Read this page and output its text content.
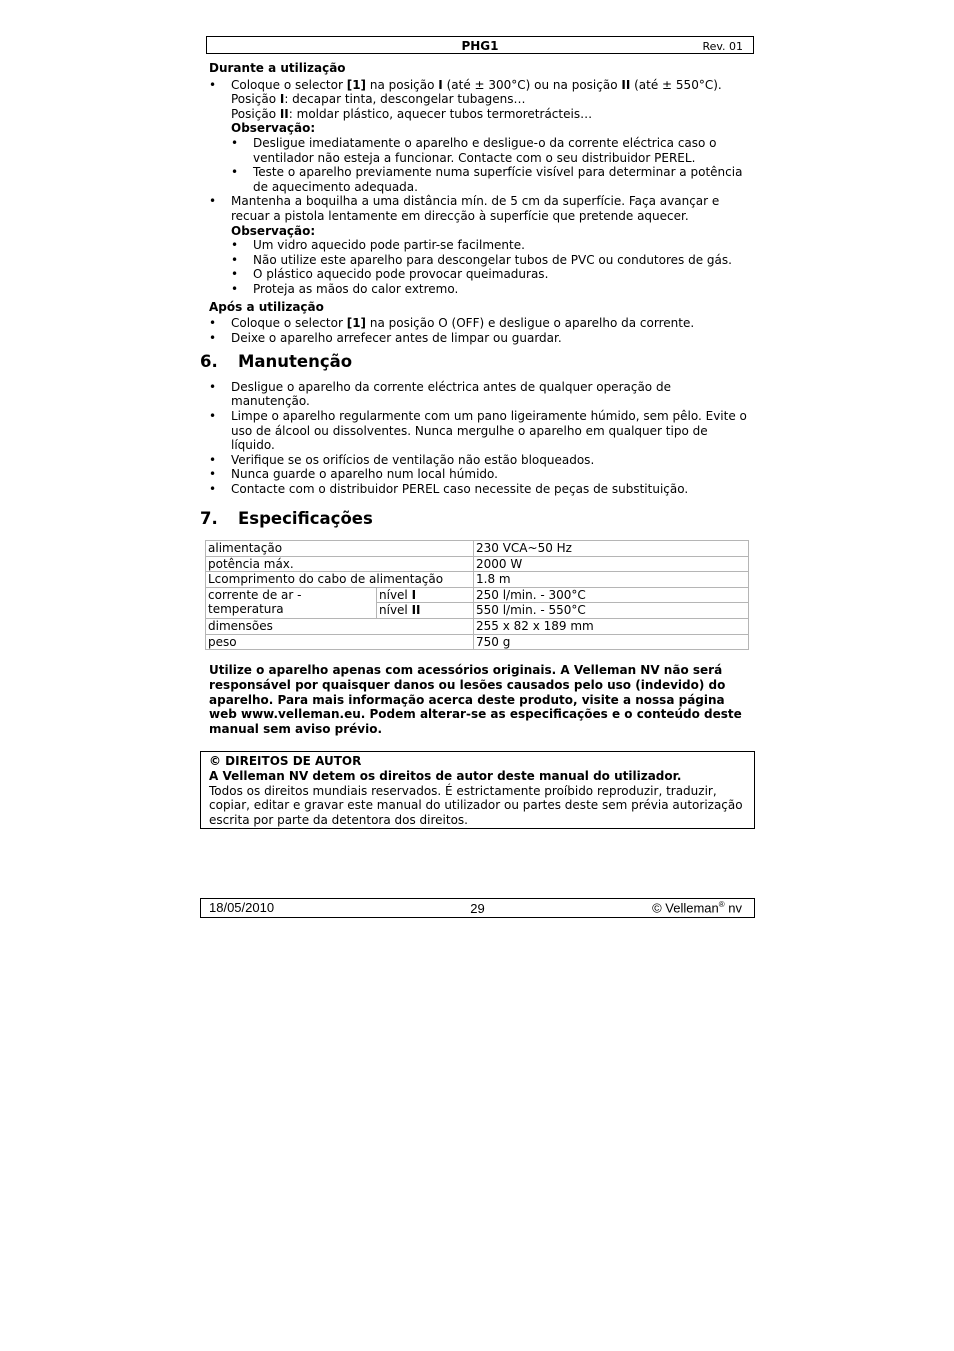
PHG1	Rev. 01

Durante a utilização

• Coloque o selector [1] na posição I (até ± 300°C) ou na posição II (até ± 550°C).
Posição I: decapar tinta, descongelar tubagens…
Posição II: moldar plástico, aquecer tubos termoretrácteis…
Observação:
• Desligue imediatamente o aparelho e desligue-o da corrente eléctrica caso o ventilador não esteja a funcionar. Contacte com o seu distribuidor PEREL.
• Teste o aparelho previamente numa superfície visível para determinar a potência de aquecimento adequada.
• Mantenha a boquilha a uma distância mín. de 5 cm da superfície. Faça avançar e recuar a pistola lentamente em direcção à superfície que pretende aquecer.
Observação:
• Um vidro aquecido pode partir-se facilmente.
• Não utilize este aparelho para descongelar tubos de PVC ou condutores de gás.
• O plástico aquecido pode provocar queimaduras.
• Proteja as mãos do calor extremo.

Após a utilização

• Coloque o selector [1] na posição O (OFF) e desligue o aparelho da corrente.
• Deixe o aparelho arrefecer antes de limpar ou guardar.
6. Manutenção
• Desligue o aparelho da corrente eléctrica antes de qualquer operação de manutenção.
• Limpe o aparelho regularmente com um pano ligeiramente húmido, sem pêlo. Evite o uso de álcool ou dissolventes. Nunca mergulhe o aparelho em qualquer tipo de líquido.
• Verifique se os orifícios de ventilação não estão bloqueados.
• Nunca guarde o aparelho num local húmido.
• Contacte com o distribuidor PEREL caso necessite de peças de substituição.
7. Especificações
alimentação		230 VCA~50 Hz
potência máx.		2000 W
Lcomprimento do cabo de alimentação		1.8 m
corrente de ar - temperatura	nível I	250 l/min. - 300°C
	nível II	550 l/min. - 550°C
dimensões		255 x 82 x 189 mm
peso		750 g
Utilize o aparelho apenas com acessórios originais. A Velleman NV não será responsável por quaisquer danos ou lesões causados pelo uso (indevido) do aparelho. Para mais informação acerca deste produto, visite a nossa página web www.velleman.eu. Podem alterar-se as especificações e o conteúdo deste manual sem aviso prévio.
© DIREITOS DE AUTOR
A Velleman NV detem os direitos de autor deste manual do utilizador.
Todos os direitos mundiais reservados. É estrictamente proíbido reproduzir, traduzir, copiar, editar e gravar este manual do utilizador ou partes deste sem prévia autorização escrita por parte da detentora dos direitos.
18/05/2010	29	© Velleman® nv
